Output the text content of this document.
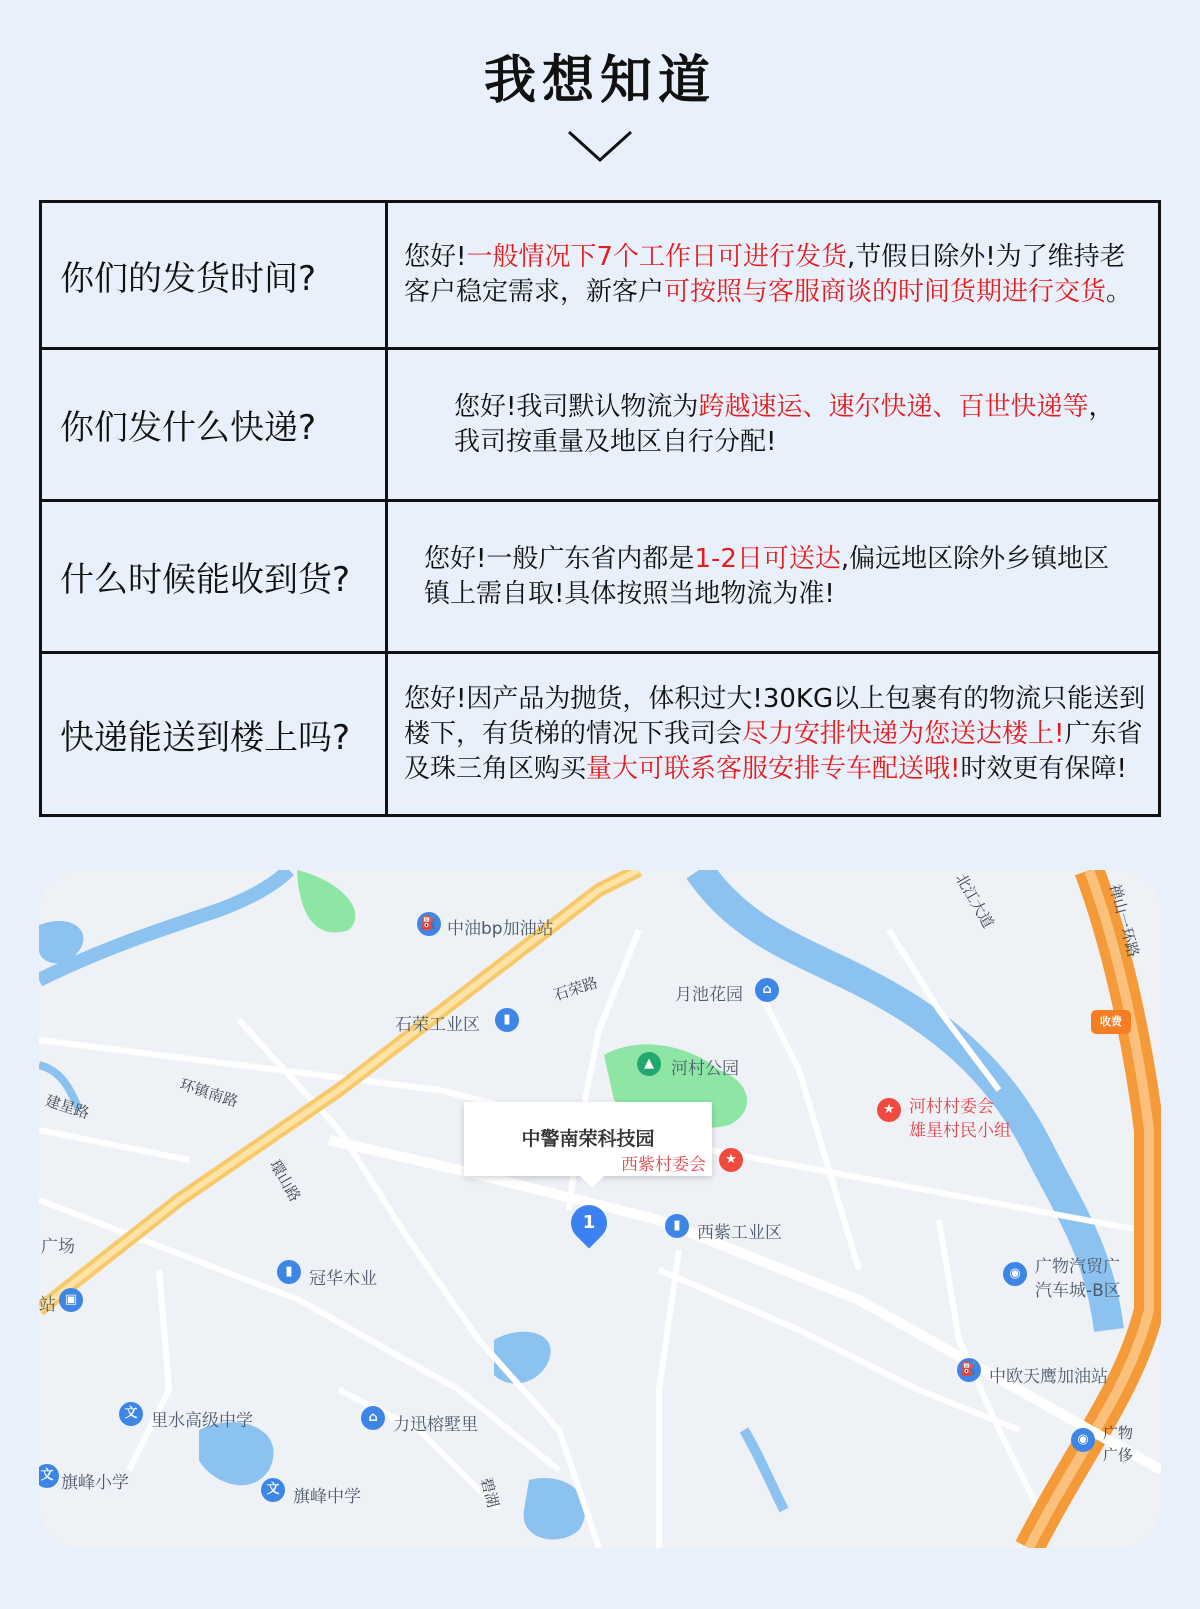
我想知道
你们的发货时间?	您好!一般情况下7个工作日可进行发货,节假日除外!为了维持老客户稳定需求，新客户可按照与客服商谈的时间货期进行交货。
你们发什么快递?	您好!我司默认物流为跨越速运、速尔快递、百世快递等，我司按重量及地区自行分配!
什么时候能收到货?	您好!一般广东省内都是1-2日可送达,偏远地区除外乡镇地区镇上需自取!具体按照当地物流为准!
快递能送到楼上吗?	您好!因产品为抛货，体积过大!30KG以上包裹有的物流只能送到楼下，有货梯的情况下我司会尽力安排快递为您送达楼上!广东省及珠三角区购买量大可联系客服安排专车配送哦!时效更有保障!
⛽ 中油bp加油站
石荣路	月池花园	⌂
石荣工业区	▮
▲	河村公园
环镇南路	★ 河村村委会
雄星村民小组
建星路
中警南荣科技园
西紫村委会	★
1
環山路
▮ 西紫工业区
广场
▮ 冠华木业	◉ 广物汽贸广
汽车城-B区
站 ▣
⛽ 中欧天鹰加油站
文 里水高级中学	⌂ 力迅榕墅里
◉ 广物
广侈
文 旗峰小学	文 旗峰中学	碧湖
收费
禅山一环路
北江大道
